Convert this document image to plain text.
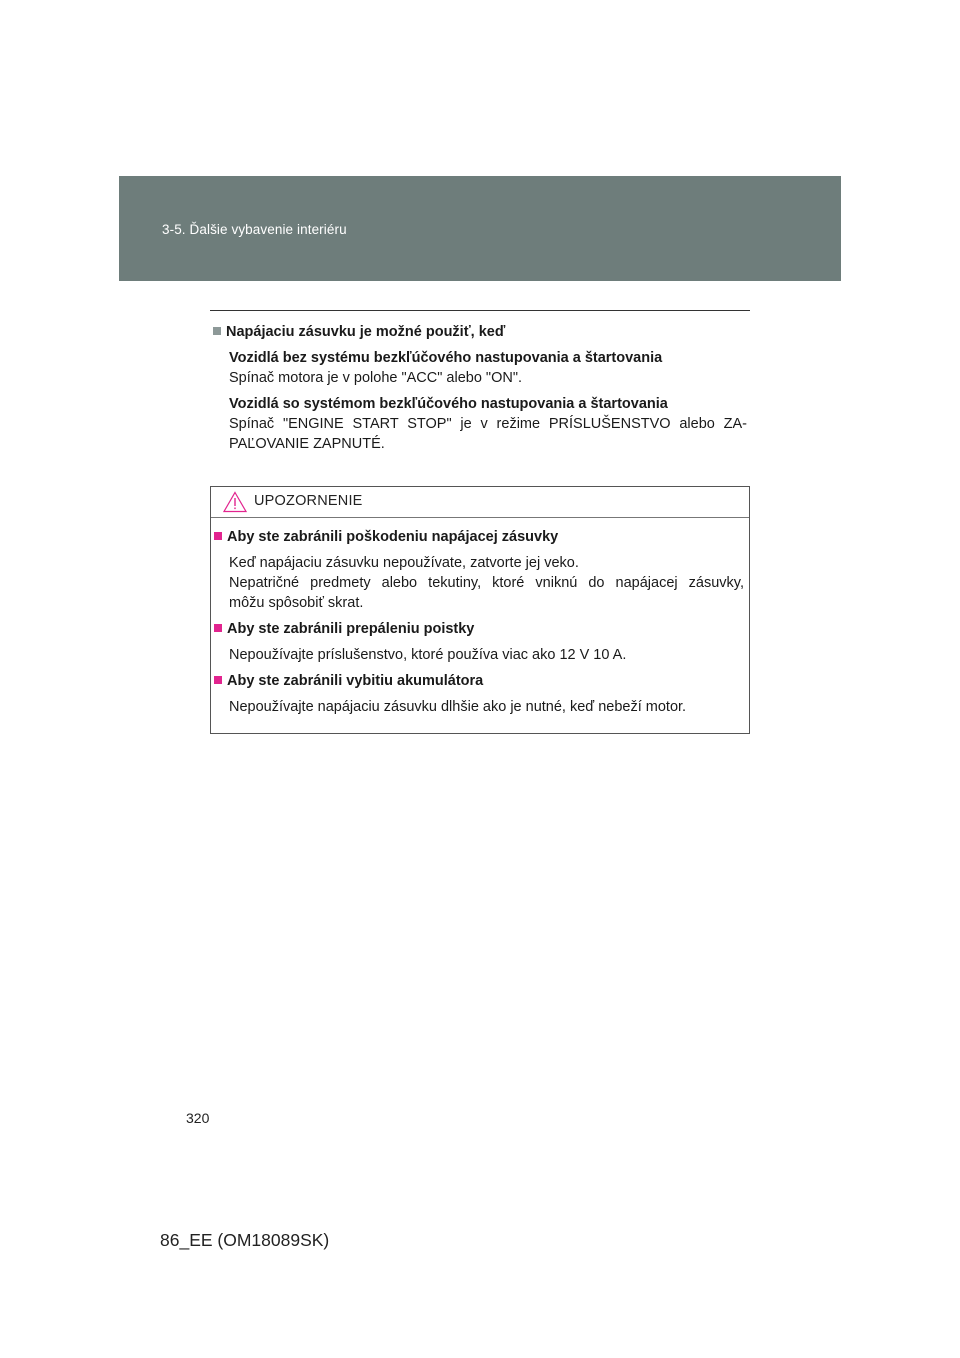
3-5. Ďalšie vybavenie interiéru

Napájaciu zásuvku je možné použiť, keď

Vozidlá bez systému bezkľúčového nastupovania a štartovania
Spínač motora je v polohe "ACC" alebo "ON".
Vozidlá so systémom bezkľúčového nastupovania a štartovania
Spínač "ENGINE START STOP" je v režime PRÍSLUŠENSTVO alebo ZA-
PAĽOVANIE ZAPNUTÉ.
UPOZORNENIE

Aby ste zabránili poškodeniu napájacej zásuvky

Keď napájaciu zásuvku nepoužívate, zatvorte jej veko.
Nepatričné predmety alebo tekutiny, ktoré vniknú do napájacej zásuvky,
môžu spôsobiť skrat.

Aby ste zabránili prepáleniu poistky

Nepoužívajte príslušenstvo, ktoré používa viac ako 12 V 10 A.

Aby ste zabránili vybitiu akumulátora

Nepoužívajte napájaciu zásuvku dlhšie ako je nutné, keď nebeží motor.
320
86_EE (OM18089SK)
